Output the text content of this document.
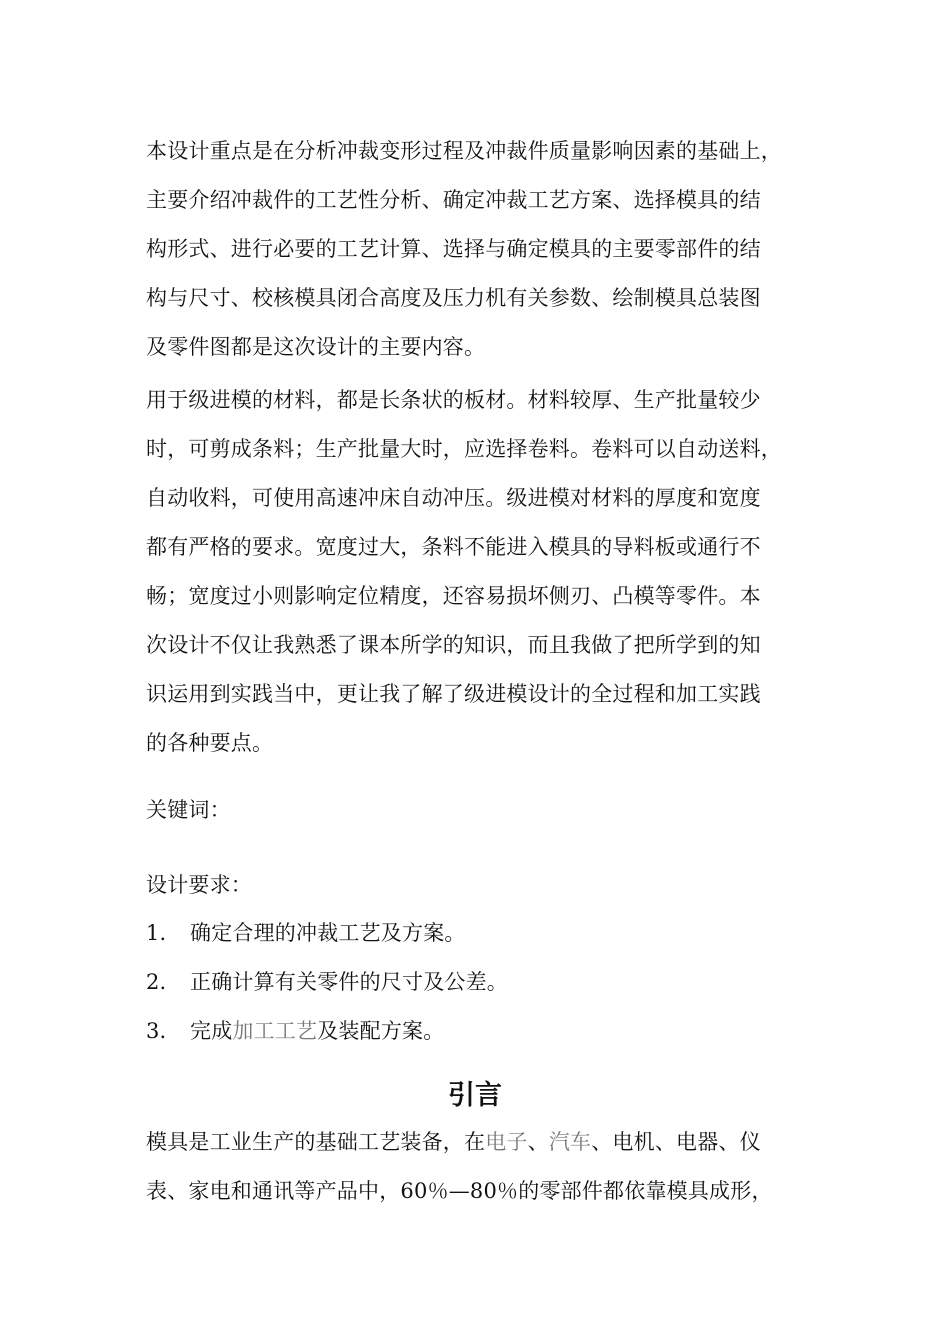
本设计重点是在分析冲裁变形过程及冲裁件质量影响因素的基础上，
主要介绍冲裁件的工艺性分析、确定冲裁工艺方案、选择模具的结
构形式、进行必要的工艺计算、选择与确定模具的主要零部件的结
构与尺寸、校核模具闭合高度及压力机有关参数、绘制模具总装图
及零件图都是这次设计的主要内容。
用于级进模的材料，都是长条状的板材。材料较厚、生产批量较少
时，可剪成条料；生产批量大时，应选择卷料。卷料可以自动送料，
自动收料，可使用高速冲床自动冲压。级进模对材料的厚度和宽度
都有严格的要求。宽度过大，条料不能进入模具的导料板或通行不
畅；宽度过小则影响定位精度，还容易损坏侧刃、凸模等零件。本
次设计不仅让我熟悉了课本所学的知识，而且我做了把所学到的知
识运用到实践当中，更让我了解了级进模设计的全过程和加工实践
的各种要点。
关键词：
设计要求：
1. 确定合理的冲裁工艺及方案。
2. 正确计算有关零件的尺寸及公差。
3. 完成加工工艺及装配方案。
引言
模具是工业生产的基础工艺装备，在电子、汽车、电机、电器、仪
表、家电和通讯等产品中，60％—80％的零部件都依靠模具成形，
